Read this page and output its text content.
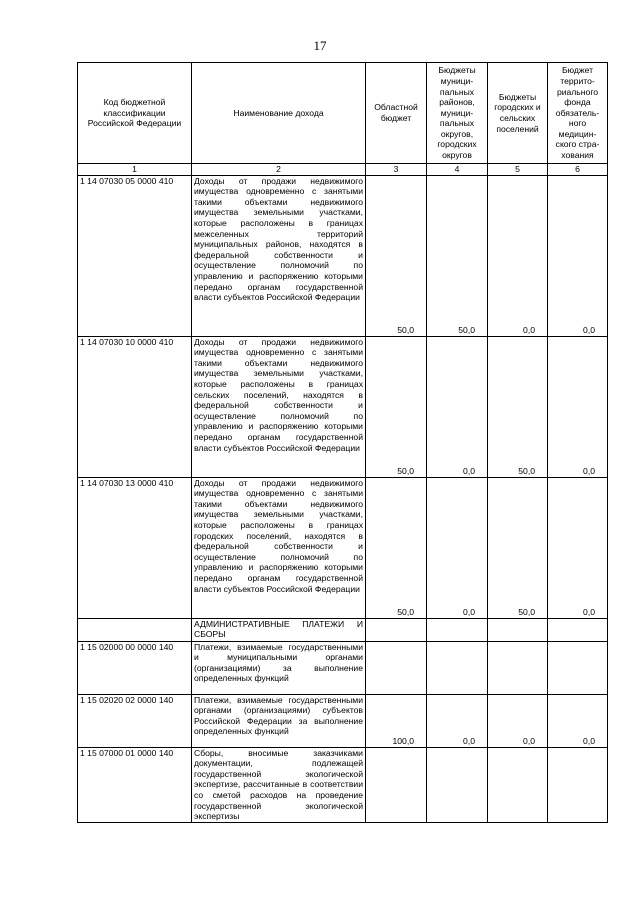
17
Код бюджетной классификации Российской Федерации	Наименование дохода	Областной бюджет	Бюджеты муници-пальных районов, муници-пальных округов, городских округов	Бюджеты городских и сельских поселений	Бюджет террито-риального фонда обязатель-ного медицин-ского стра-хования
1	2	3	4	5	6
1 14 07030 05 0000 410	Доходы от продажи недвижимого имущества одновременно с занятыми такими объектами недвижимого имущества земельными участками, которые расположены в границах межселенных территорий муниципальных районов, находятся в федеральной собственности и осуществление полномочий по управлению и распоряжению которыми передано органам государственной власти субъектов Российской Федерации	50,0	50,0	0,0	0,0
1 14 07030 10 0000 410	Доходы от продажи недвижимого имущества одновременно с занятыми такими объектами недвижимого имущества земельными участками, которые расположены в границах сельских поселений, находятся в федеральной собственности и осуществление полномочий по управлению и распоряжению которыми передано органам государственной власти субъектов Российской Федерации	50,0	0,0	50,0	0,0
1 14 07030 13 0000 410	Доходы от продажи недвижимого имущества одновременно с занятыми такими объектами недвижимого имущества земельными участками, которые расположены в границах городских поселений, находятся в федеральной собственности и осуществление полномочий по управлению и распоряжению которыми передано органам государственной власти субъектов Российской Федерации	50,0	0,0	50,0	0,0
	АДМИНИСТРАТИВНЫЕ ПЛАТЕЖИ И СБОРЫ				
1 15 02000 00 0000 140	Платежи, взимаемые государственными и муниципальными органами (организациями) за выполнение определенных функций				
1 15 02020 02 0000 140	Платежи, взимаемые государственными органами (организациями) субъектов Российской Федерации за выполнение определенных функций	100,0	0,0	0,0	0,0
1 15 07000 01 0000 140	Сборы, вносимые заказчиками документации, подлежащей государственной экологической экспертизе, рассчитанные в соответствии со сметой расходов на проведение государственной экологической экспертизы				
